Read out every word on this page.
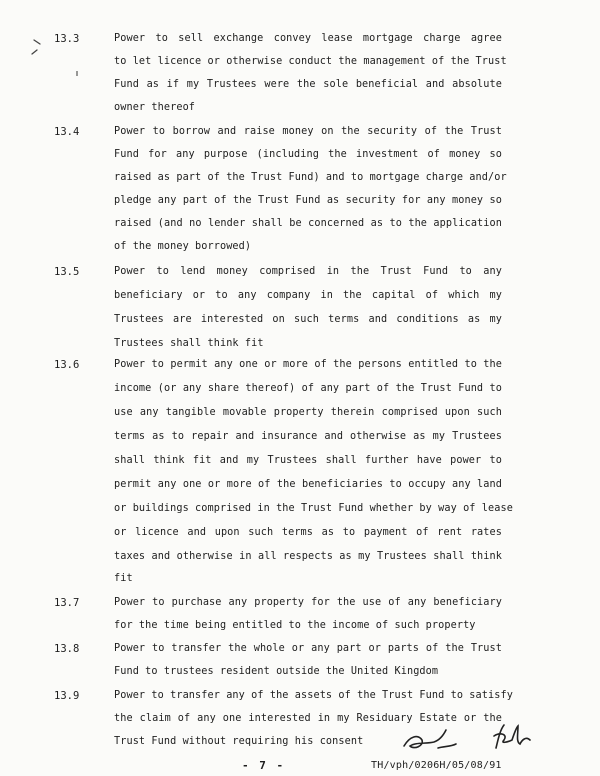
13.3	Power to sell exchange convey lease mortgage charge agree
to let licence or otherwise conduct the management of the Trust
Fund as if my Trustees were the sole beneficial and absolute
owner thereof
13.4	Power to borrow and raise money on the security of the Trust
Fund for any purpose (including the investment of money so
raised as part of the Trust Fund) and to mortgage charge and/or
pledge any part of the Trust Fund as security for any money so
raised (and no lender shall be concerned as to the application
of the money borrowed)
13.5	Power to lend money comprised in the Trust Fund to any
beneficiary or to any company in the capital of which my
Trustees are interested on such terms and conditions as my
Trustees shall think fit
13.6	Power to permit any one or more of the persons entitled to the
income (or any share thereof) of any part of the Trust Fund to
use any tangible movable property therein comprised upon such
terms as to repair and insurance and otherwise as my Trustees
shall think fit and my Trustees shall further have power to
permit any one or more of the beneficiaries to occupy any land
or buildings comprised in the Trust Fund whether by way of lease
or licence and upon such terms as to payment of rent rates
taxes and otherwise in all respects as my Trustees shall think
fit
13.7	Power to purchase any property for the use of any beneficiary
for the time being entitled to the income of such property
13.8	Power to transfer the whole or any part or parts of the Trust
Fund to trustees resident outside the United Kingdom
13.9	Power to transfer any of the assets of the Trust Fund to satisfy
the claim of any one interested in my Residuary Estate or the
Trust Fund without requiring his consent
- 7 -	TH/vph/0206H/05/08/91
